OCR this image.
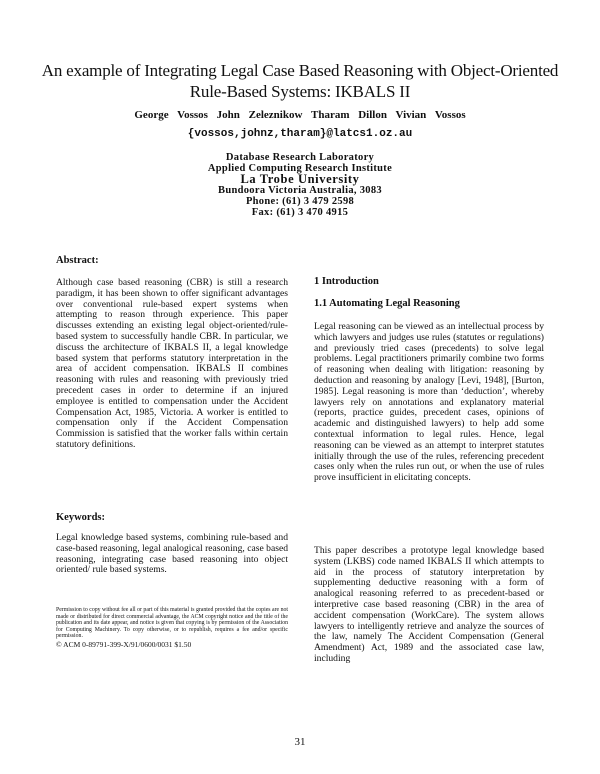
An example of Integrating Legal Case Based Reasoning with Object-Oriented Rule-Based Systems: IKBALS II
George Vossos John Zeleznikow Tharam Dillon Vivian Vossos
{vossos,johnz,tharam}@latcs1.oz.au
Database Research Laboratory
Applied Computing Research Institute
La Trobe University
Bundoora Victoria Australia, 3083
Phone: (61) 3 479 2598
Fax: (61) 3 470 4915
Abstract:

Although case based reasoning (CBR) is still a research paradigm, it has been shown to offer significant advantages over conventional rule-based expert systems when attempting to reason through experience. This paper discusses extending an existing legal object-oriented/rule-based system to successfully handle CBR. In particular, we discuss the architecture of IKBALS II, a legal knowledge based system that performs statutory interpretation in the area of accident compensation. IKBALS II combines reasoning with rules and reasoning with previously tried precedent cases in order to determine if an injured employee is entitled to compensation under the Accident Compensation Act, 1985, Victoria. A worker is entitled to compensation only if the Accident Compensation Commission is satisfied that the worker falls within certain statutory definitions.

Keywords:

Legal knowledge based systems, combining rule-based and case-based reasoning, legal analogical reasoning, case based reasoning, integrating case based reasoning into object oriented/ rule based systems.

Permission to copy without fee all or part of this material is granted provided that the copies are not made or distributed for direct commercial advantage, the ACM copyright notice and the title of the publication and its date appear, and notice is given that copying is by permission of the Association for Computing Machinery. To copy otherwise, or to republish, requires a fee and/or specific permission.
© ACM 0-89791-399-X/91/0600/0031 $1.50
1 Introduction
1.1 Automating Legal Reasoning

Legal reasoning can be viewed as an intellectual process by which lawyers and judges use rules (statutes or regulations) and previously tried cases (precedents) to solve legal problems. Legal practitioners primarily combine two forms of reasoning when dealing with litigation: reasoning by deduction and reasoning by analogy [Levi, 1948], [Burton, 1985]. Legal reasoning is more than ‘deduction’, whereby lawyers rely on annotations and explanatory material (reports, practice guides, precedent cases, opinions of academic and distinguished lawyers) to help add some contextual information to legal rules. Hence, legal reasoning can be viewed as an attempt to interpret statutes initially through the use of the rules, referencing precedent cases only when the rules run out, or when the use of rules prove insufficient in elicitating concepts.

This paper describes a prototype legal knowledge based system (LKBS) code named IKBALS II which attempts to aid in the process of statutory interpretation by supplementing deductive reasoning with a form of analogical reasoning referred to as precedent-based or interpretive case based reasoning (CBR) in the area of accident compensation (WorkCare). The system allows lawyers to intelligently retrieve and analyze the sources of the law, namely The Accident Compensation (General Amendment) Act, 1989 and the associated case law, including

31
